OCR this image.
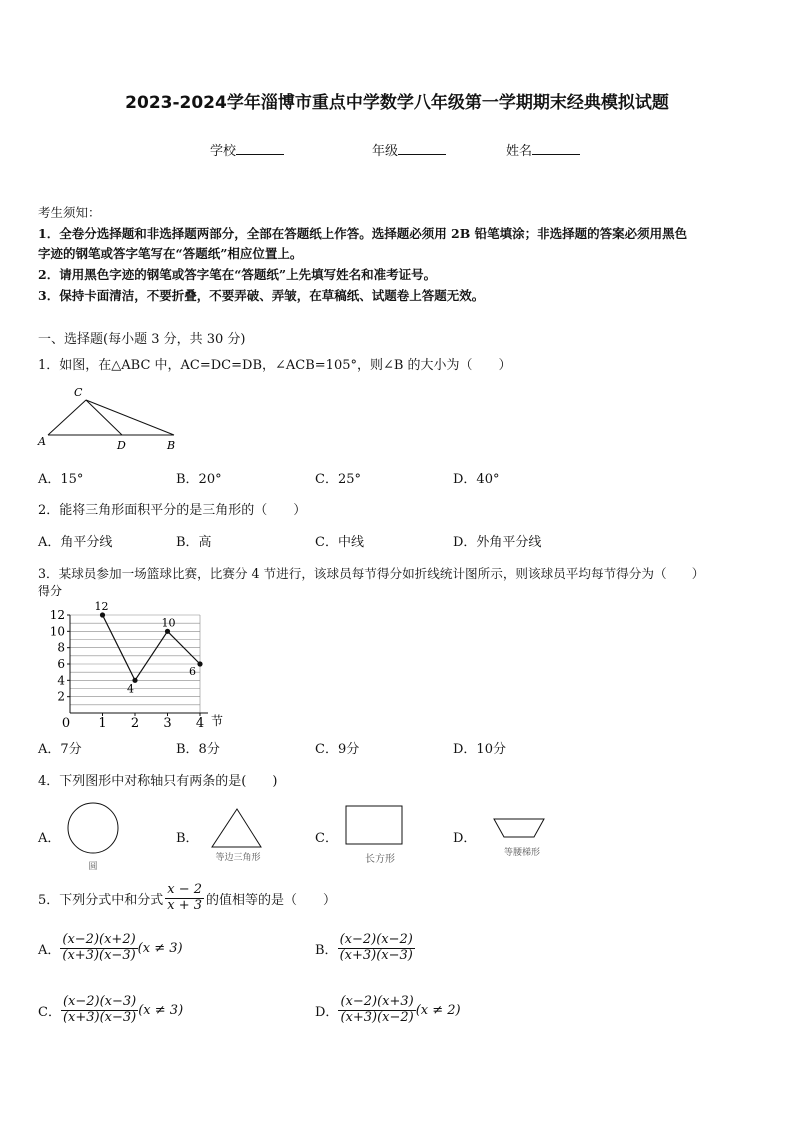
2023-2024学年淄博市重点中学数学八年级第一学期期末经典模拟试题
学校	年级	姓名
考生须知：
1．全卷分选择题和非选择题两部分，全部在答题纸上作答。选择题必须用 2B 铅笔填涂；非选择题的答案必须用黑色
字迹的钢笔或答字笔写在“答题纸”相应位置上。
2．请用黑色字迹的钢笔或答字笔在“答题纸”上先填写姓名和准考证号。
3．保持卡面清洁，不要折叠，不要弄破、弄皱，在草稿纸、试题卷上答题无效。
一、选择题(每小题 3 分，共 30 分)
1．如图，在△ABC 中，AC=DC=DB，∠ACB=105°，则∠B 的大小为（　　）
C
A	D	B
A．15°	B．20°	C．25°	D．40°
2．能将三角形面积平分的是三角形的（　　）
A．角平分线	B．高	C．中线	D．外角平分线
3．某球员参加一场篮球比赛，比赛分 4 节进行，该球员每节得分如折线统计图所示，则该球员平均每节得分为（　　）
得分
节
2
4
6
8
10
12
0 1 2 3 4
12
4
10
6
A．7分	B．8分	C．9分	D．10分
4．下列图形中对称轴只有两条的是(　　)
A．
圆
B．
等边三角形
C．
长方形
D．
等腰梯形
5．下列分式中和分式 $\frac{x - 2}{x + 3}$ 的值相等的是（　　）
A． $\frac{(x-2)(x+2)}{(x+3)(x-3)} (x \ne 3)$	B． $\frac{(x-2)(x-2)}{(x+3)(x-3)}$
C． $\frac{(x-2)(x-3)}{(x+3)(x-3)} (x \ne 3)$	D． $\frac{(x-2)(x+3)}{(x+3)(x-2)} (x \ne 2)$
